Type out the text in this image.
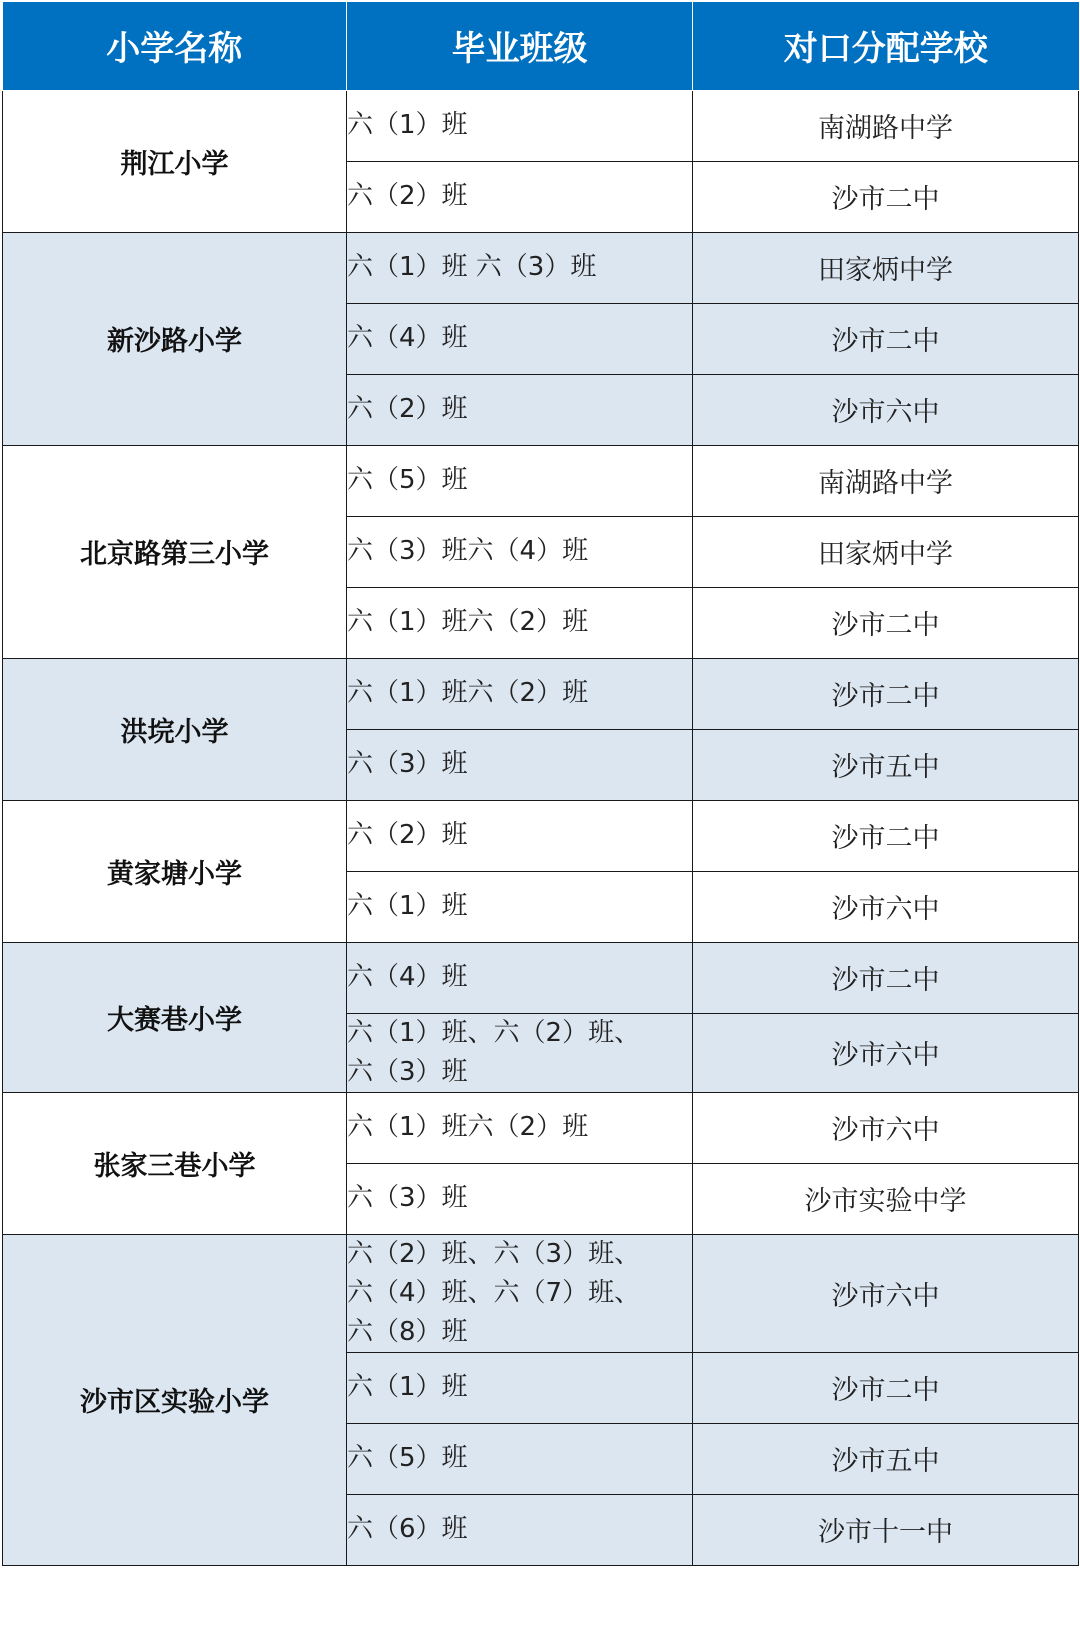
小学名称	毕业班级	对口分配学校
荆江小学	六（1）班	南湖路中学

	六（2）班	沙市二中
新沙路小学	六（1）班 六（3）班	田家炳中学

	六（4）班	沙市二中

	六（2）班	沙市六中
北京路第三小学	六（5）班	南湖路中学

	六（3）班六（4）班	田家炳中学

	六（1）班六（2）班	沙市二中
洪垸小学	六（1）班六（2）班	沙市二中

	六（3）班	沙市五中
黄家塘小学	六（2）班	沙市二中

	六（1）班	沙市六中
大赛巷小学	六（4）班	沙市二中

	六（1）班、六（2）班、
六（3）班	沙市六中
张家三巷小学	六（1）班六（2）班	沙市六中

	六（3）班	沙市实验中学
沙市区实验小学	六（2）班、六（3）班、
六（4）班、六（7）班、
六（8）班	沙市六中

	六（1）班	沙市二中

	六（5）班	沙市五中

	六（6）班	沙市十一中
